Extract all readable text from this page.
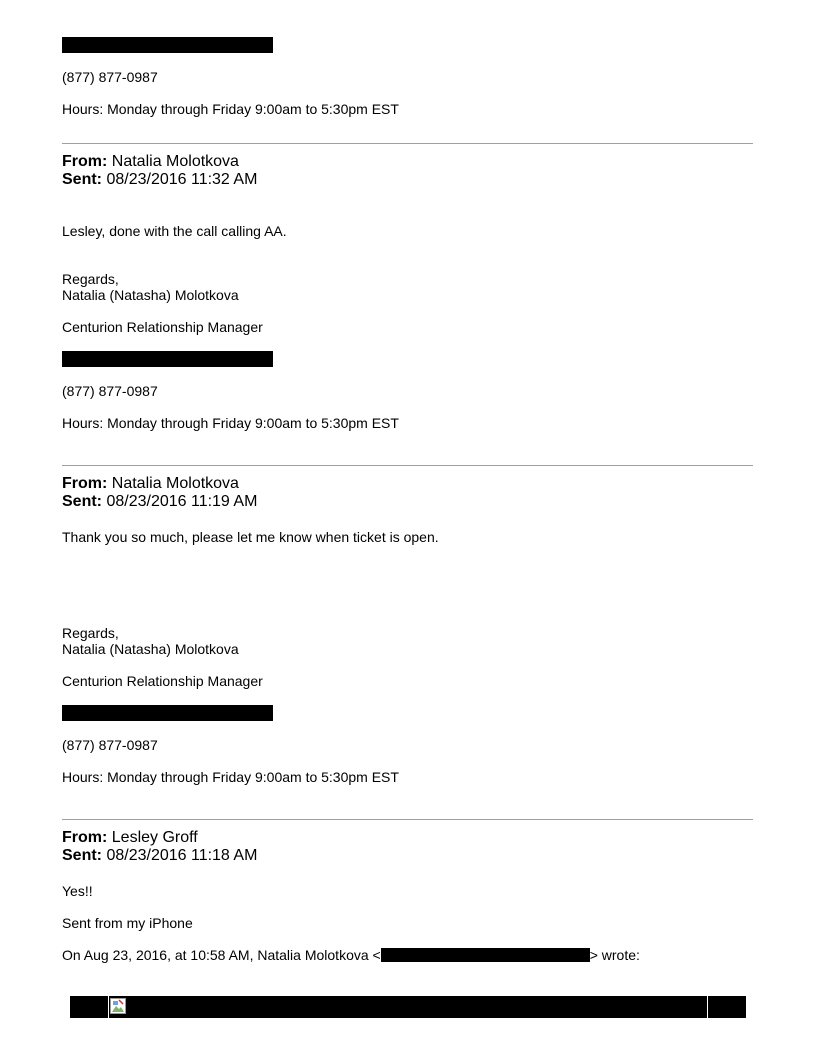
(877) 877-0987
Hours: Monday through Friday 9:00am to 5:30pm EST
From: Natalia Molotkova
Sent: 08/23/2016 11:32 AM
Lesley, done with the call calling AA.
Regards,
Natalia (Natasha) Molotkova
Centurion Relationship Manager
(877) 877-0987
Hours: Monday through Friday 9:00am to 5:30pm EST
From: Natalia Molotkova
Sent: 08/23/2016 11:19 AM
Thank you so much, please let me know when ticket is open.
Regards,
Natalia (Natasha) Molotkova
Centurion Relationship Manager
(877) 877-0987
Hours: Monday through Friday 9:00am to 5:30pm EST
From: Lesley Groff
Sent: 08/23/2016 11:18 AM
Yes!!
Sent from my iPhone
On Aug 23, 2016, at 10:58 AM, Natalia Molotkova <	> wrote:
